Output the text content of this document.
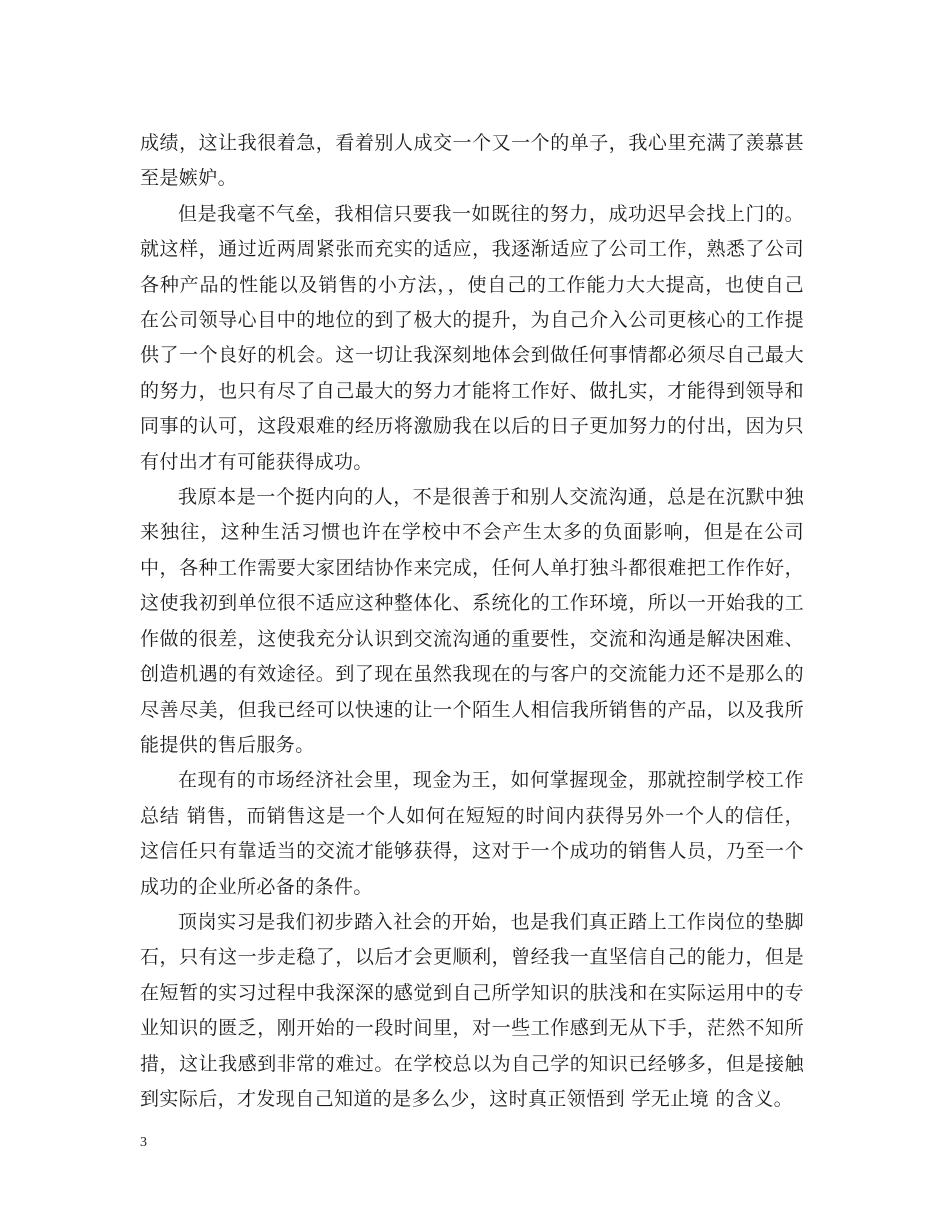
成绩，这让我很着急，看着别人成交一个又一个的单子，我心里充满了羡慕甚至是嫉妒。

但是我毫不气垒，我相信只要我一如既往的努力，成功迟早会找上门的。就这样，通过近两周紧张而充实的适应，我逐渐适应了公司工作，熟悉了公司各种产品的性能以及销售的小方法，，使自己的工作能力大大提高，也使自己在公司领导心目中的地位的到了极大的提升，为自己介入公司更核心的工作提供了一个良好的机会。这一切让我深刻地体会到做任何事情都必须尽自己最大的努力，也只有尽了自己最大的努力才能将工作好、做扎实，才能得到领导和同事的认可，这段艰难的经历将激励我在以后的日子更加努力的付出，因为只有付出才有可能获得成功。

我原本是一个挺内向的人，不是很善于和别人交流沟通，总是在沉默中独来独往，这种生活习惯也许在学校中不会产生太多的负面影响，但是在公司中，各种工作需要大家团结协作来完成，任何人单打独斗都很难把工作作好，这使我初到单位很不适应这种整体化、系统化的工作环境，所以一开始我的工作做的很差，这使我充分认识到交流沟通的重要性，交流和沟通是解决困难、创造机遇的有效途径。到了现在虽然我现在的与客户的交流能力还不是那么的尽善尽美，但我已经可以快速的让一个陌生人相信我所销售的产品，以及我所能提供的售后服务。

在现有的市场经济社会里，现金为王，如何掌握现金，那就控制学校工作总结 销售，而销售这是一个人如何在短短的时间内获得另外一个人的信任，这信任只有靠适当的交流才能够获得，这对于一个成功的销售人员，乃至一个成功的企业所必备的条件。

顶岗实习是我们初步踏入社会的开始，也是我们真正踏上工作岗位的垫脚石，只有这一步走稳了，以后才会更顺利，曾经我一直坚信自己的能力，但是在短暂的实习过程中我深深的感觉到自己所学知识的肤浅和在实际运用中的专业知识的匮乏，刚开始的一段时间里，对一些工作感到无从下手，茫然不知所措，这让我感到非常的难过。在学校总以为自己学的知识已经够多，但是接触到实际后，才发现自己知道的是多么少，这时真正领悟到 学无止境 的含义。

3
